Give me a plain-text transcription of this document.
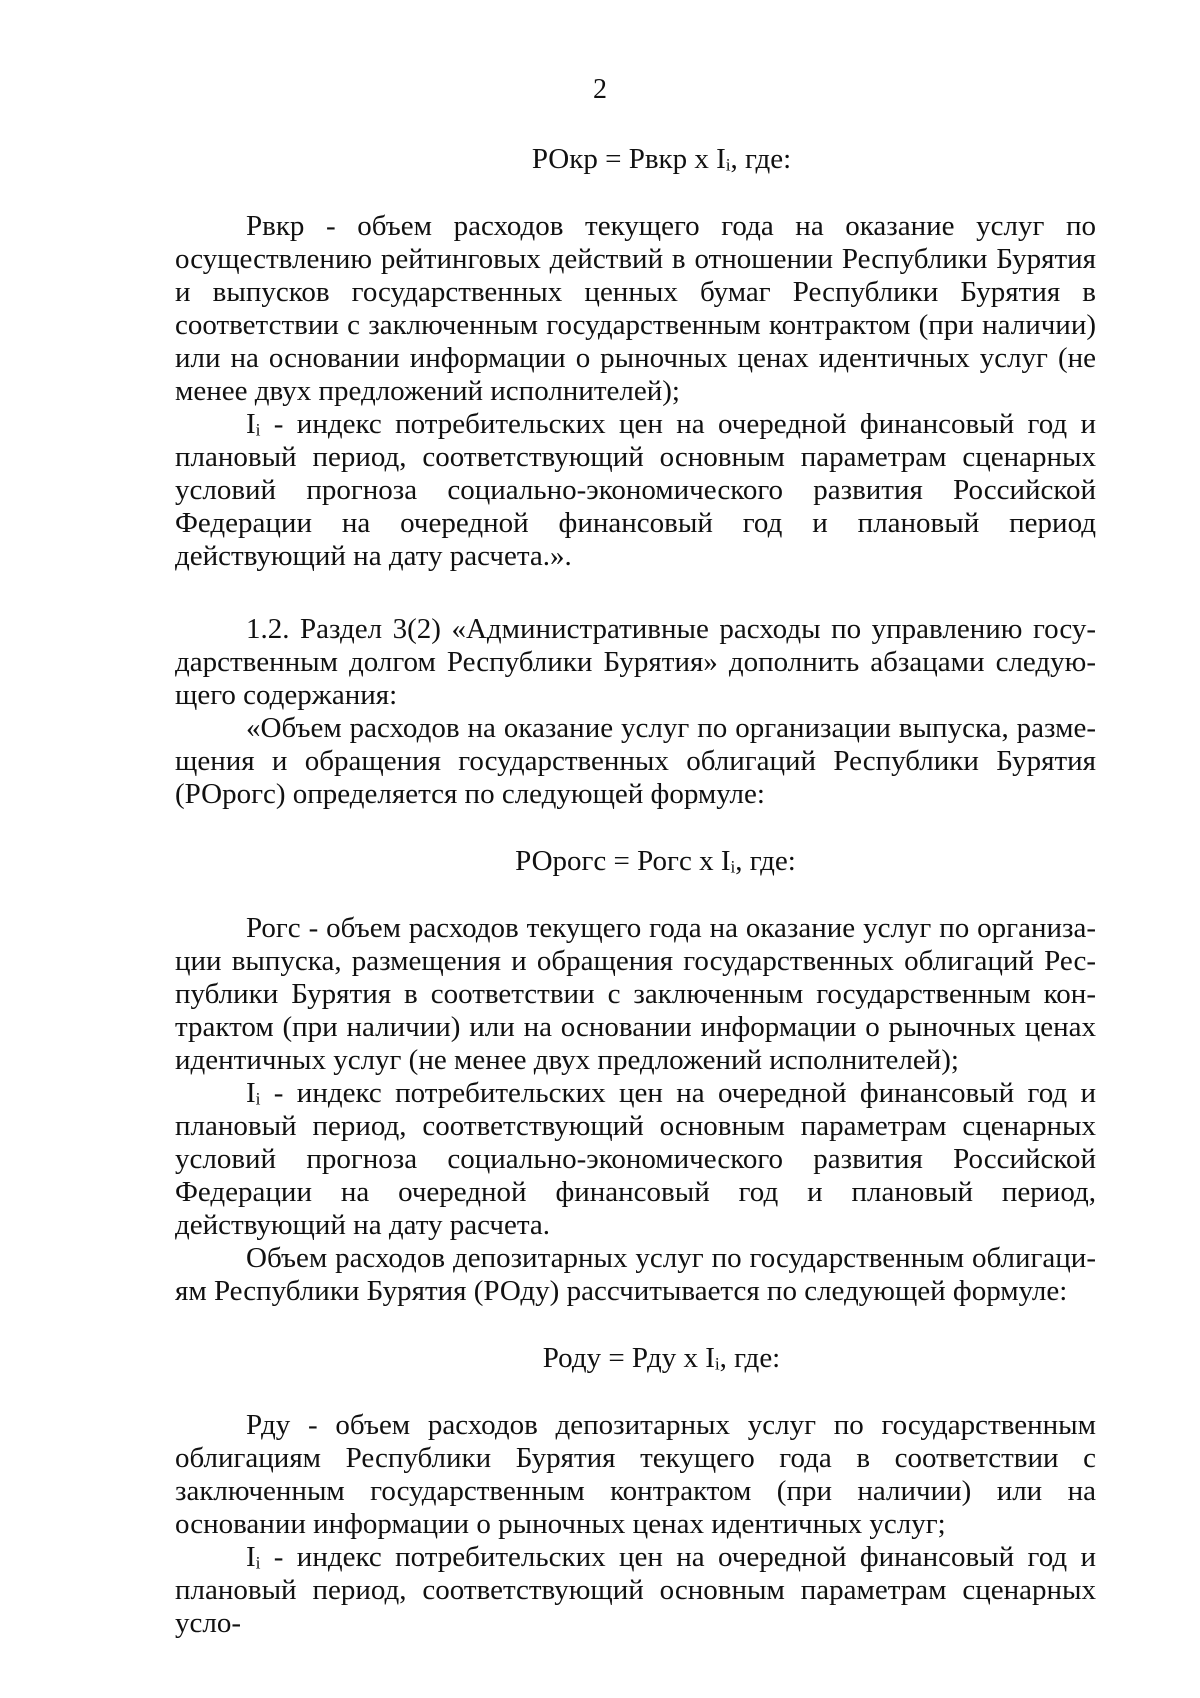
2

РОкр = Рвкр х Iᵢ, где:

Рвкр - объем расходов текущего года на оказание услуг по осуществлению рейтинговых действий в отношении Республики Бурятия и выпусков государственных ценных бумаг Республики Бурятия в соответствии с заключенным государственным контрактом (при наличии) или на основании информации о рыночных ценах идентичных услуг (не менее двух предложений исполнителей);

Iᵢ - индекс потребительских цен на очередной финансовый год и плановый период, соответствующий основным параметрам сценарных условий прогноза социально-экономического развития Российской Федерации на очередной финансовый год и плановый период действующий на дату расчета.».

1.2. Раздел 3(2) «Административные расходы по управлению государственным долгом Республики Бурятия» дополнить абзацами следующего содержания:

«Объем расходов на оказание услуг по организации выпуска, размещения и обращения государственных облигаций Республики Бурятия (РОрогс) определяется по следующей формуле:

РОрогс = Рогс х Iᵢ, где:

Рогс - объем расходов текущего года на оказание услуг по организации выпуска, размещения и обращения государственных облигаций Республики Бурятия в соответствии с заключенным государственным контрактом (при наличии) или на основании информации о рыночных ценах идентичных услуг (не менее двух предложений исполнителей);

Iᵢ - индекс потребительских цен на очередной финансовый год и плановый период, соответствующий основным параметрам сценарных условий прогноза социально-экономического развития Российской Федерации на очередной финансовый год и плановый период, действующий на дату расчета.

Объем расходов депозитарных услуг по государственным облигациям Республики Бурятия (РОду) рассчитывается по следующей формуле:

Роду = Рду х Iᵢ, где:

Рду - объем расходов депозитарных услуг по государственным облигациям Республики Бурятия текущего года в соответствии с заключенным государственным контрактом (при наличии) или на основании информации о рыночных ценах идентичных услуг;

Iᵢ - индекс потребительских цен на очередной финансовый год и плановый период, соответствующий основным параметрам сценарных усло-
